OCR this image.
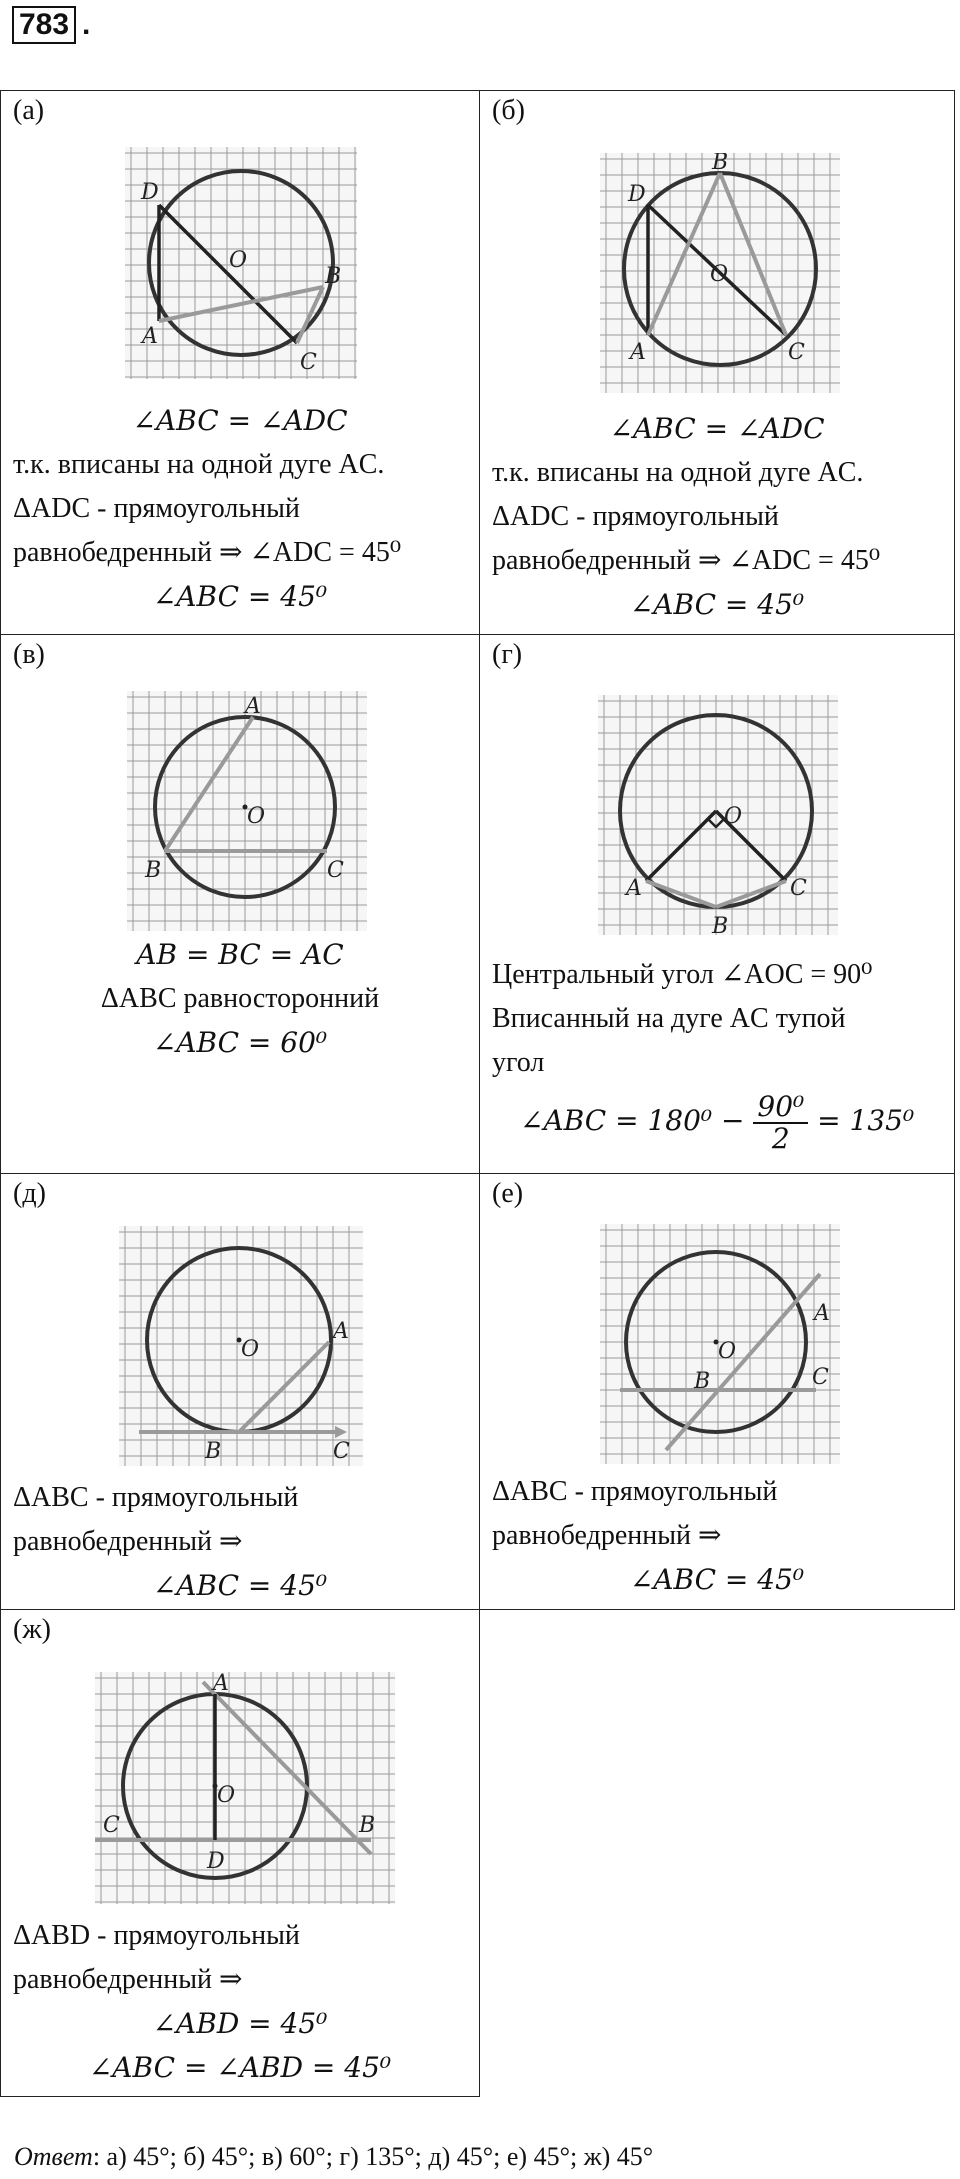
783 .
(а)
A
B
C
D
O
∠ABC = ∠ADC
т.к. вписаны на одной дуге AC.
ΔADC - прямоугольный
равнобедренный ⇒ ∠ADC = 45⁰
∠ABC = 45⁰
(б)
A
B
C
D
O
∠ABC = ∠ADC
т.к. вписаны на одной дуге AC.
ΔADC - прямоугольный
равнобедренный ⇒ ∠ADC = 45⁰
∠ABC = 45⁰
(в)
A
B	C
O
AB = BC = AC
ΔABC равносторонний
∠ABC = 60⁰
(г)
A
B
C
O
Центральный угол ∠AOC = 90⁰
Вписанный на дуге AC тупой
угол
∠ABC = $180^0 - \frac{\text{90⁰}}{2} = 135^0$
(д)
A
B	C
O
ΔABC - прямоугольный
равнобедренный ⇒
∠ABC = 45⁰
(е)
A
B	C
O
ΔABC - прямоугольный
равнобедренный ⇒
∠ABC = 45⁰
(ж)
A
B
C
D
O
ΔABD - прямоугольный
равнобедренный ⇒
∠ABD = 45⁰
∠ABC = ∠ABD = 45⁰
Ответ: а) 45°; б) 45°; в) 60°; г) 135°; д) 45°; е) 45°; ж) 45°
